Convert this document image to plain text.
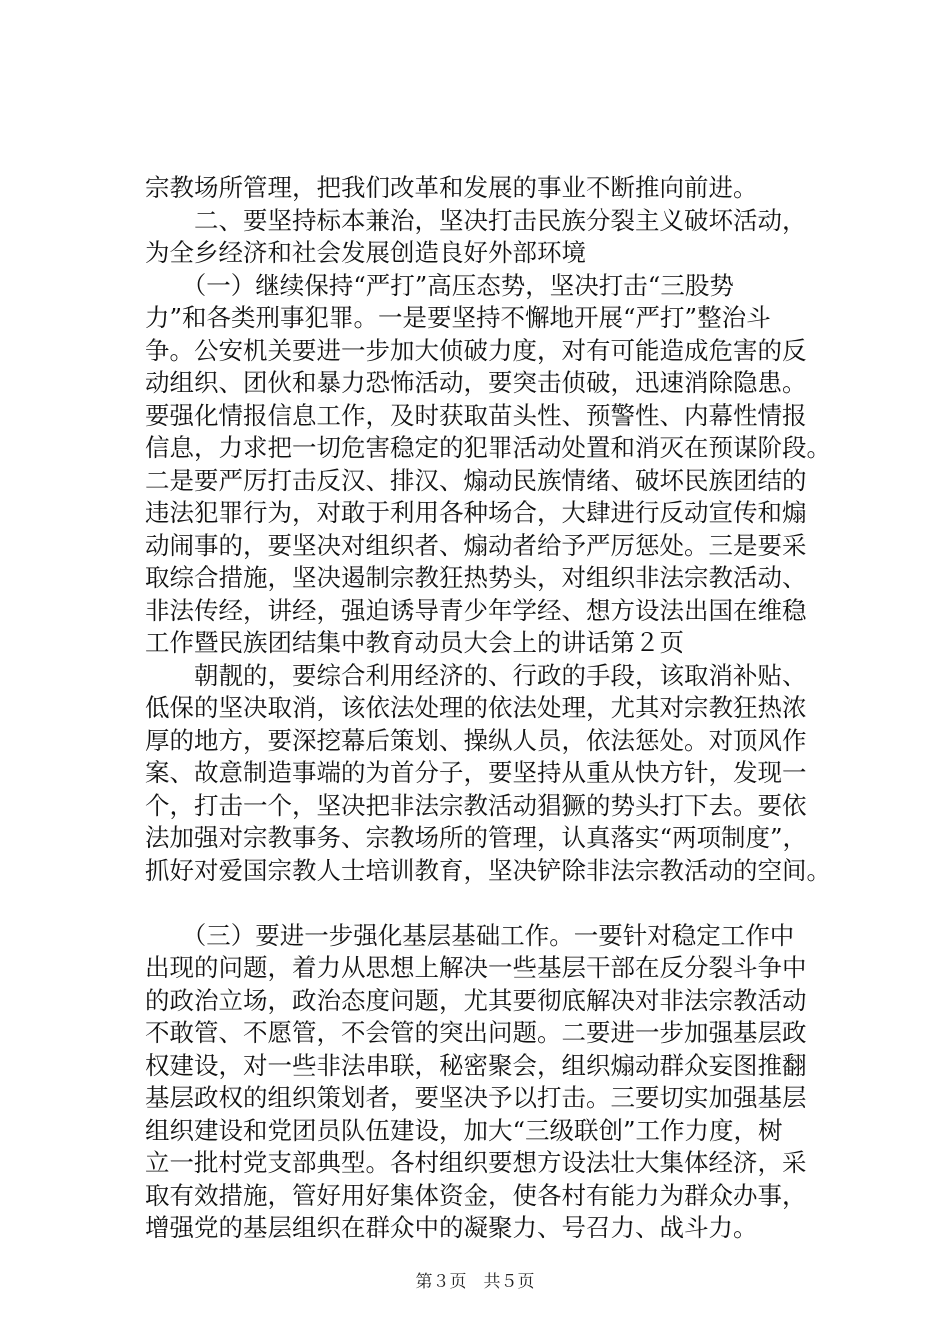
宗教场所管理，把我们改革和发展的事业不断推向前进。
　　二、要坚持标本兼治，坚决打击民族分裂主义破坏活动，
为全乡经济和社会发展创造良好外部环境
　　（一）继续保持“严打”高压态势，坚决打击“三股势
力”和各类刑事犯罪。一是要坚持不懈地开展“严打”整治斗
争。公安机关要进一步加大侦破力度，对有可能造成危害的反
动组织、团伙和暴力恐怖活动，要突击侦破，迅速消除隐患。
要强化情报信息工作，及时获取苗头性、预警性、内幕性情报
信息，力求把一切危害稳定的犯罪活动处置和消灭在预谋阶段。
二是要严厉打击反汉、排汉、煽动民族情绪、破坏民族团结的
违法犯罪行为，对敢于利用各种场合，大肆进行反动宣传和煽
动闹事的，要坚决对组织者、煽动者给予严厉惩处。三是要采
取综合措施，坚决遏制宗教狂热势头，对组织非法宗教活动、
非法传经，讲经，强迫诱导青少年学经、想方设法出国在维稳
工作暨民族团结集中教育动员大会上的讲话第２页
　　朝靓的，要综合利用经济的、行政的手段，该取消补贴、
低保的坚决取消，该依法处理的依法处理，尤其对宗教狂热浓
厚的地方，要深挖幕后策划、操纵人员，依法惩处。对顶风作
案、故意制造事端的为首分子，要坚持从重从快方针，发现一
个，打击一个，坚决把非法宗教活动猖獗的势头打下去。要依
法加强对宗教事务、宗教场所的管理，认真落实“两项制度”，
抓好对爱国宗教人士培训教育，坚决铲除非法宗教活动的空间。
　　（三）要进一步强化基层基础工作。一要针对稳定工作中
出现的问题，着力从思想上解决一些基层干部在反分裂斗争中
的政治立场，政治态度问题，尤其要彻底解决对非法宗教活动
不敢管、不愿管，不会管的突出问题。二要进一步加强基层政
权建设，对一些非法串联，秘密聚会，组织煽动群众妄图推翻
基层政权的组织策划者，要坚决予以打击。三要切实加强基层
组织建设和党团员队伍建设，加大“三级联创”工作力度，树
立一批村党支部典型。各村组织要想方设法壮大集体经济，采
取有效措施，管好用好集体资金，使各村有能力为群众办事，
增强党的基层组织在群众中的凝聚力、号召力、战斗力。
第３页　共５页
